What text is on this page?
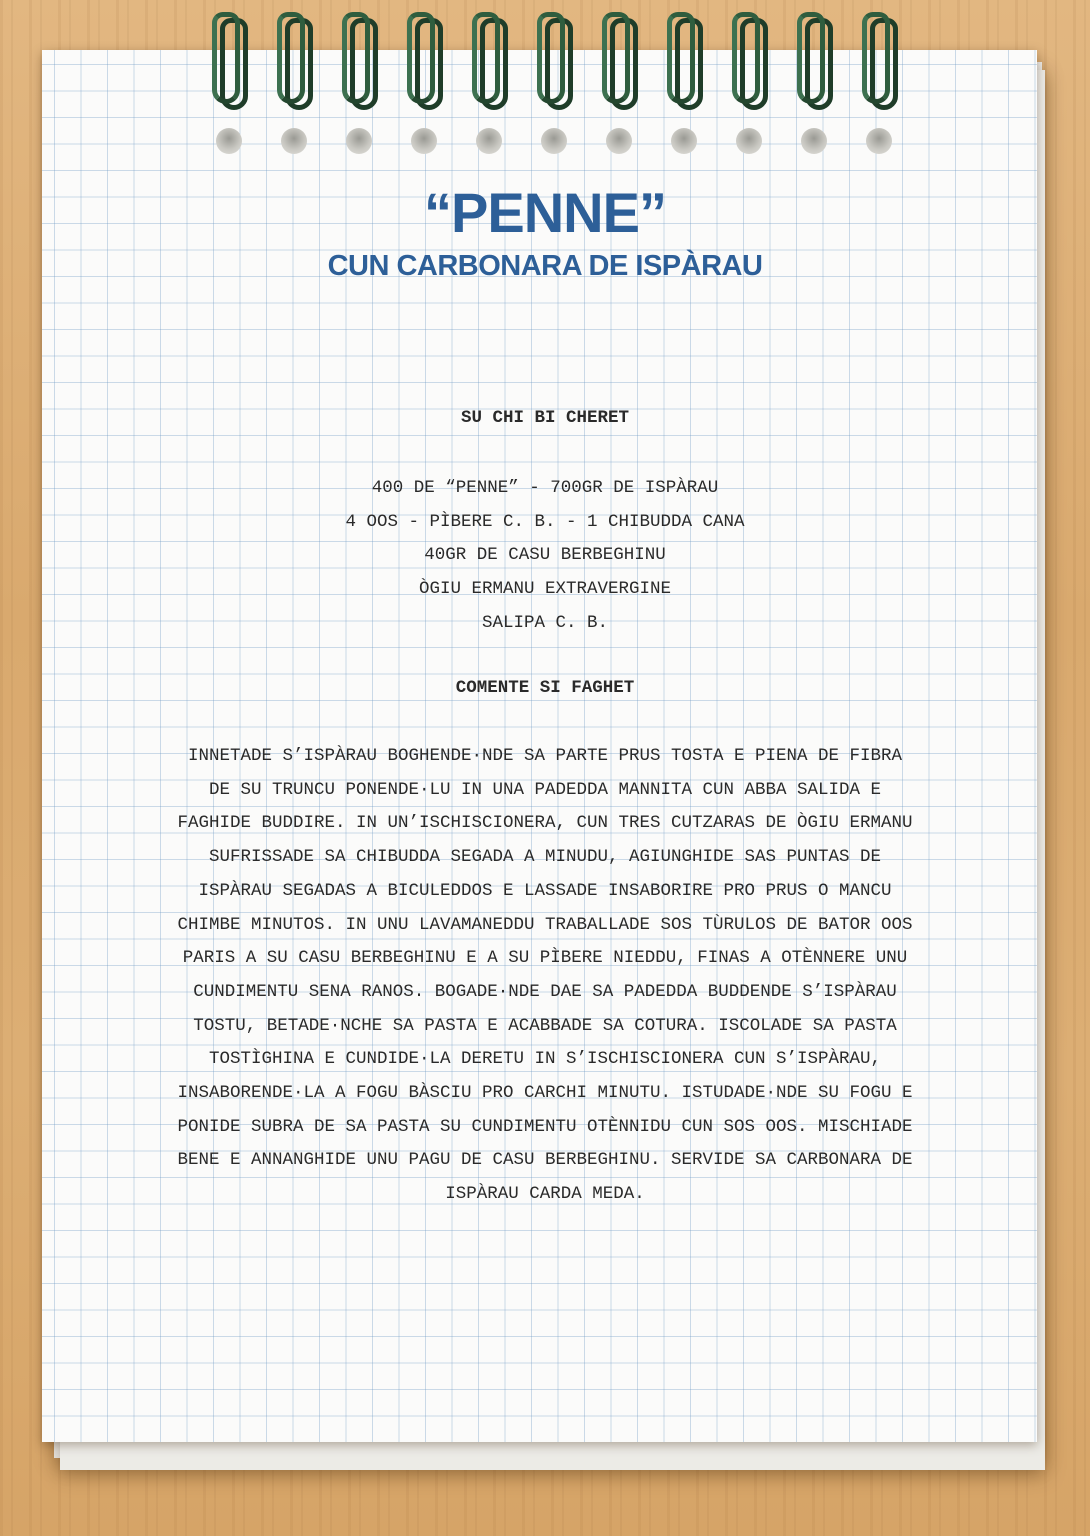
“PENNE”
CUN CARBONARA DE ISPÀRAU
SU CHI BI CHERET
400 DE “PENNE” - 700GR DE ISPÀRAU
4 OOS - PÌBERE C. B. - 1 CHIBUDDA CANA
40GR DE CASU BERBEGHINU
ÒGIU ERMANU EXTRAVERGINE
SALIPA C. B.
COMENTE SI FAGHET
INNETADE S’ISPÀRAU BOGHENDE·NDE SA PARTE PRUS TOSTA E PIENA DE FIBRA
DE SU TRUNCU PONENDE·LU IN UNA PADEDDA MANNITA CUN ABBA SALIDA E
FAGHIDE BUDDIRE. IN UN’ISCHISCIONERA, CUN TRES CUTZARAS DE ÒGIU ERMANU
SUFRISSADE SA CHIBUDDA SEGADA A MINUDU, AGIUNGHIDE SAS PUNTAS DE
ISPÀRAU SEGADAS A BICULEDDOS E LASSADE INSABORIRE PRO PRUS O MANCU
CHIMBE MINUTOS. IN UNU LAVAMANEDDU TRABALLADE SOS TÙRULOS DE BATOR OOS
PARIS A SU CASU BERBEGHINU E A SU PÌBERE NIEDDU, FINAS A OTÈNNERE UNU
CUNDIMENTU SENA RANOS. BOGADE·NDE DAE SA PADEDDA BUDDENDE S’ISPÀRAU
TOSTU, BETADE·NCHE SA PASTA E ACABBADE SA COTURA. ISCOLADE SA PASTA
TOSTÌGHINA E CUNDIDE·LA DERETU IN S’ISCHISCIONERA CUN S’ISPÀRAU,
INSABORENDE·LA A FOGU BÀSCIU PRO CARCHI MINUTU. ISTUDADE·NDE SU FOGU E
PONIDE SUBRA DE SA PASTA SU CUNDIMENTU OTÈNNIDU CUN SOS OOS. MISCHIADE
BENE E ANNANGHIDE UNU PAGU DE CASU BERBEGHINU. SERVIDE SA CARBONARA DE
ISPÀRAU CARDA MEDA.
